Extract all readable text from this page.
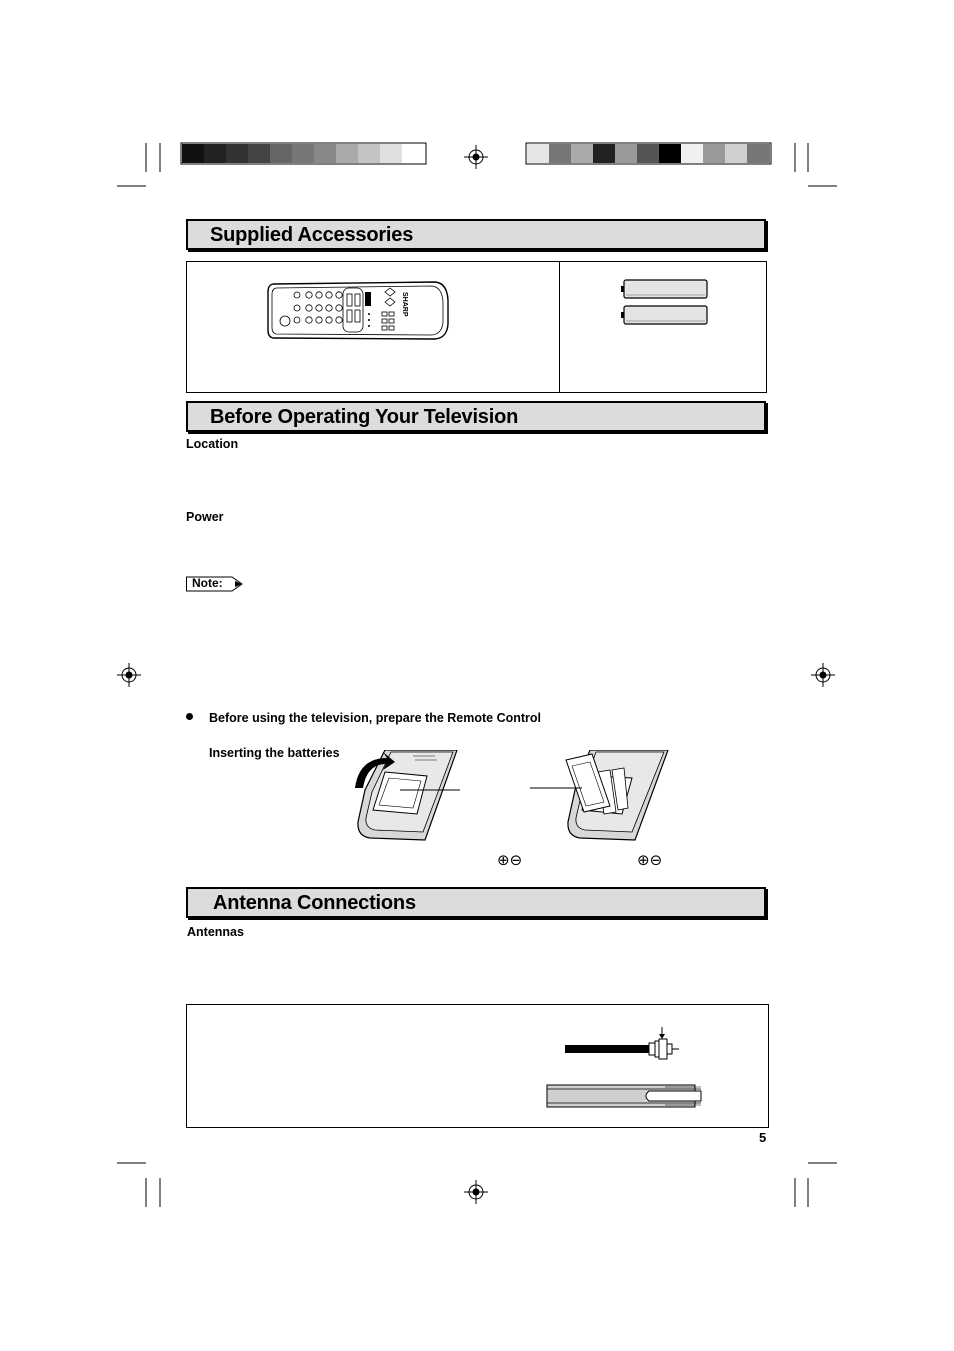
Supplied Accessories
SHARP
Before Operating Your Television
Location
Power
Note:
Before using the television, prepare the Remote Control
Inserting the batteries
⊕⊖	⊕⊖
Antenna Connections
Antennas
5
